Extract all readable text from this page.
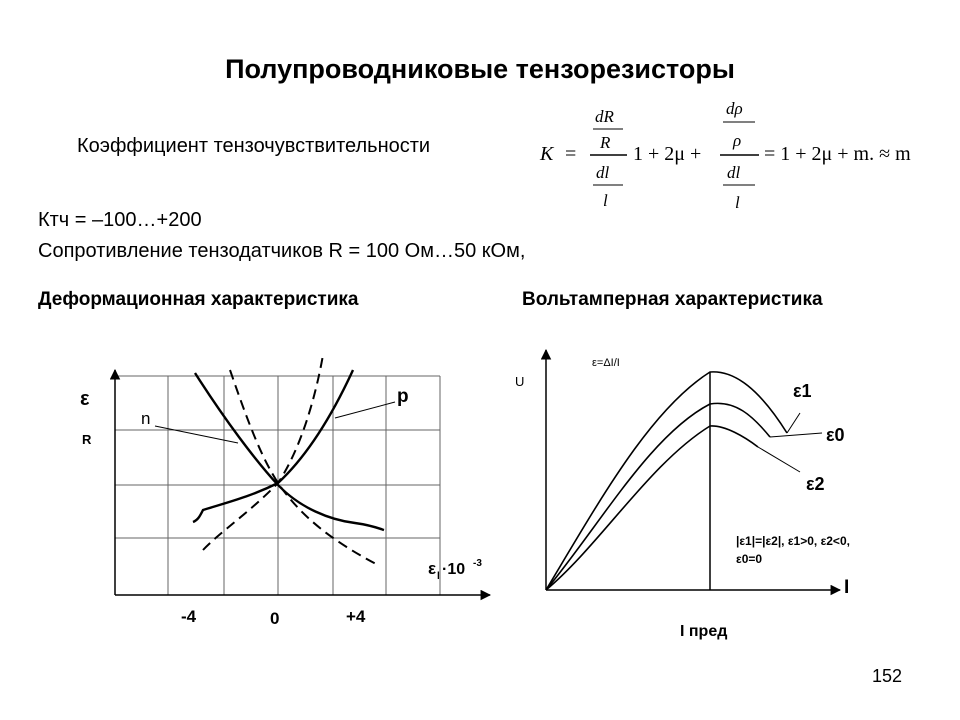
Полупроводниковые тензорезисторы
Коэффициент тензочувствительности	K =
dR
R
dl
l
1 + 2μ +
dρ
ρ
dl
l
= 1 + 2μ + m. ≈ m
Ктч = –100…+200
Сопротивление тензодатчиков R = 100 Ом…50 кОм,
Деформационная характеристика	Вольтамперная характеристика
ε
R
n
p
ε l ·10 -3
-4	0	+4
U
ε=ΔI/I
ε1
ε0
ε2
|ε1|=|ε2|, ε1>0, ε2<0,
ε0=0
I
I пред
152
